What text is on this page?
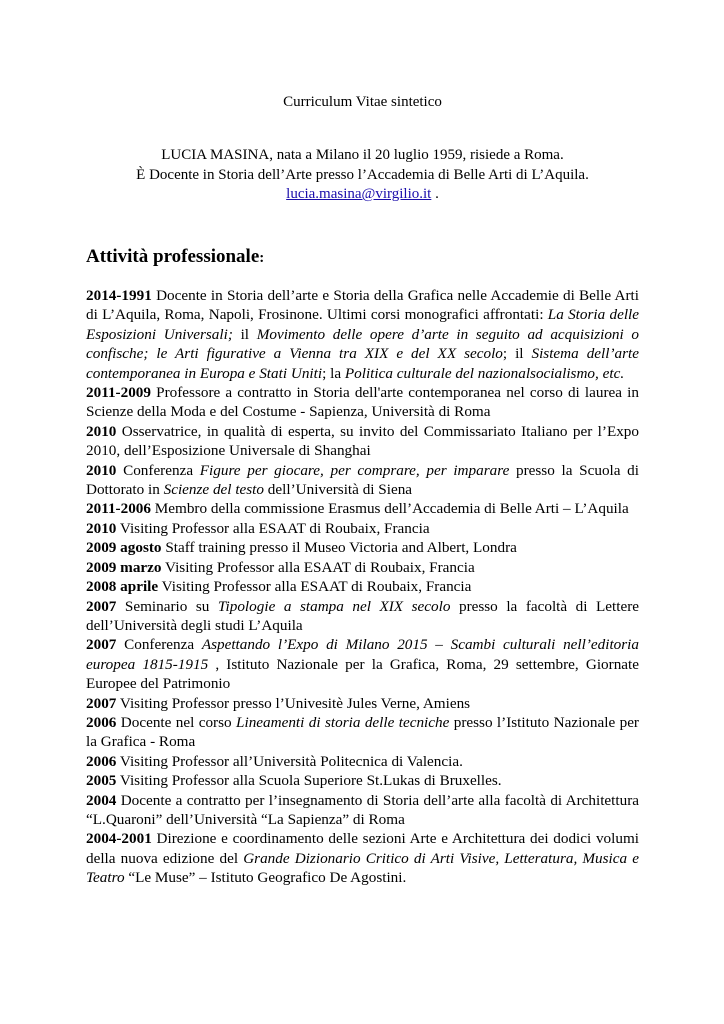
Curriculum Vitae sintetico
LUCIA MASINA, nata a Milano il 20 luglio 1959, risiede a Roma.
È Docente in Storia dell’Arte presso l’Accademia di Belle Arti di L’Aquila.
lucia.masina@virgilio.it .
Attività professionale:

2014-1991 Docente in Storia dell’arte e Storia della Grafica nelle Accademie di Belle Arti di L’Aquila, Roma, Napoli, Frosinone. Ultimi corsi monografici affrontati: La Storia delle Esposizioni Universali; il Movimento delle opere d’arte in seguito ad acquisizioni o confische; le Arti figurative a Vienna tra XIX e del XX secolo; il Sistema dell’arte contemporanea in Europa e Stati Uniti; la Politica culturale del nazionalsocialismo, etc.

2011-2009 Professore a contratto in Storia dell'arte contemporanea nel corso di laurea in Scienze della Moda e del Costume - Sapienza, Università di Roma

2010 Osservatrice, in qualità di esperta, su invito del Commissariato Italiano per l’Expo 2010, dell’Esposizione Universale di Shanghai

2010 Conferenza Figure per giocare, per comprare, per imparare presso la Scuola di Dottorato in Scienze del testo dell’Università di Siena

2011-2006 Membro della commissione Erasmus dell’Accademia di Belle Arti – L’Aquila

2010 Visiting Professor alla ESAAT di Roubaix, Francia

2009 agosto Staff training presso il Museo Victoria and Albert, Londra

2009 marzo Visiting Professor alla ESAAT di Roubaix, Francia

2008 aprile Visiting Professor alla ESAAT di Roubaix, Francia

2007 Seminario su Tipologie a stampa nel XIX secolo presso la facoltà di Lettere dell’Università degli studi L’Aquila

2007 Conferenza Aspettando l’Expo di Milano 2015 – Scambi culturali nell’editoria europea 1815-1915 , Istituto Nazionale per la Grafica, Roma, 29 settembre, Giornate Europee del Patrimonio

2007 Visiting Professor presso l’Univesitè Jules Verne, Amiens

2006 Docente nel corso Lineamenti di storia delle tecniche presso l’Istituto Nazionale per la Grafica - Roma

2006 Visiting Professor all’Università Politecnica di Valencia.

2005 Visiting Professor alla Scuola Superiore St.Lukas di Bruxelles.

2004 Docente a contratto per l’insegnamento di Storia dell’arte alla facoltà di Architettura “L.Quaroni” dell’Università “La Sapienza” di Roma

2004-2001 Direzione e coordinamento delle sezioni Arte e Architettura dei dodici volumi della nuova edizione del Grande Dizionario Critico di Arti Visive, Letteratura, Musica e Teatro “Le Muse” – Istituto Geografico De Agostini.
